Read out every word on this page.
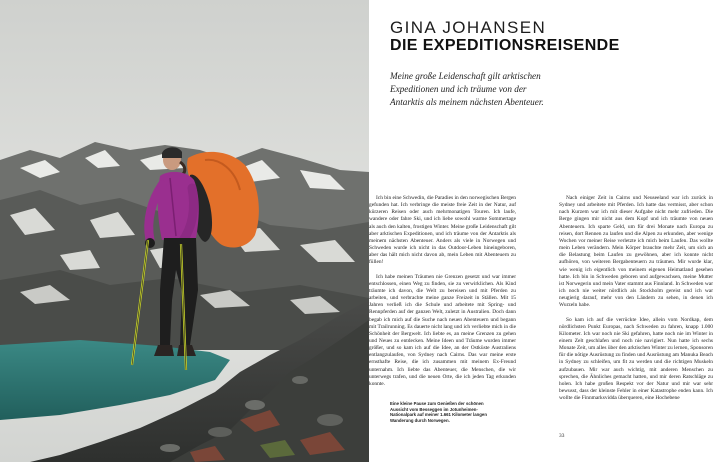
GINA JOHANSEN
DIE EXPEDITIONSREISENDE

Meine große Leidenschaft gilt arktischen Expeditionen und ich träume von der Antarktis als meinem nächsten Abenteuer.

Ich bin eine Schwedin, die Paradies in den norwegischen Bergen gefunden hat. Ich verbringe die meiste freie Zeit in der Natur, auf kürzeren Reisen oder auch mehrmonatigen Touren. Ich laufe, wandere oder fahre Ski, und ich liebe sowohl warme Sommertage als auch den kalten, frostigen Winter. Meine große Leidenschaft gilt aber arktischen Expeditionen, und ich träume von der Antarktis als meinem nächsten Abenteuer. Anders als viele in Norwegen und Schweden wurde ich nicht in das Outdoor-Leben hineingeboren, aber das hält mich nicht davon ab, mein Leben mit Abenteuern zu füllen!

Ich habe meinen Träumen nie Grenzen gesetzt und war immer entschlossen, einen Weg zu finden, sie zu verwirklichen. Als Kind träumte ich davon, die Welt zu bereisen und mit Pferden zu arbeiten, und verbrachte meine ganze Freizeit in Ställen. Mit 15 Jahren verließ ich die Schule und arbeitete mit Spring- und Rennpferden auf der ganzen Welt, zuletzt in Australien. Doch dann begab ich mich auf die Suche nach neuen Abenteuern und begann mit Trailrunning. Es dauerte nicht lang und ich verliebte mich in die Schönheit der Bergwelt. Ich liebte es, an meine Grenzen zu gehen und Neues zu entdecken. Meine Ideen und Träume wurden immer größer, und so kam ich auf die Idee, an der Ostküste Australiens entlangzulaufen, von Sydney nach Cairns. Das war meine erste ernsthafte Reise, die ich zusammen mit meinem Ex-Freund unternahm. Ich liebte das Abenteuer, die Menschen, die wir unterwegs trafen, und die neuen Orte, die ich jeden Tag erkunden konnte.

Nach einiger Zeit in Cairns und Neuseeland war ich zurück in Sydney und arbeitete mit Pferden. Ich hatte das vermisst, aber schon nach Kurzem war ich mit dieser Aufgabe nicht mehr zufrieden. Die Berge gingen mir nicht aus dem Kopf und ich träumte von neuen Abenteuern. Ich sparte Geld, um für drei Monate nach Europa zu reisen, dort Rennen zu laufen und die Alpen zu erkunden, aber wenige Wochen vor meiner Reise verletzte ich mich beim Laufen. Das wollte mein Leben verändern. Mein Körper brauchte mehr Zeit, um sich an die Belastung beim Laufen zu gewöhnen, aber ich konnte nicht aufhören, von weiteren Bergabenteuern zu träumen. Mir wurde klar, wie wenig ich eigentlich von meinem eigenen Heimatland gesehen hatte. Ich bin in Schweden geboren und aufgewachsen, meine Mutter ist Norwegerin und mein Vater stammt aus Finnland. In Schweden war ich noch nie weiter nördlich als Stockholm gereist und ich war neugierig darauf, mehr von den Ländern zu sehen, in denen ich Wurzeln habe.

So kam ich auf die verrückte Idee, allein vom Nordkap, dem nördlichsten Punkt Europas, nach Schweden zu fahren, knapp 1.000 Kilometer. Ich war noch nie Ski gefahren, hatte noch nie im Winter in einem Zelt geschlafen und noch nie navigiert. Nun hatte ich sechs Monate Zeit, um alles über den arktischen Winter zu lernen, Sponsoren für die nötige Ausrüstung zu finden und Ausrüstung am Manuka Beach in Sydney zu schleifen, um fit zu werden und die richtigen Muskeln aufzubauen. Mir war auch wichtig, mit anderen Menschen zu sprechen, die Ähnliches gemacht hatten, und mir deren Ratschläge zu holen. Ich habe großen Respekt vor der Natur und mir war sehr bewusst, dass der kleinste Fehler in einer Katastrophe enden kann. Ich wollte die Finnmarksvidda überqueren, eine Hochebene

Eine kleine Pause zum Genießen der schönen Aussicht vom Besseggen im Jotunheimen-Nationalpark auf meiner 1.661 Kilometer langen Wanderung durch Norwegen.

33
